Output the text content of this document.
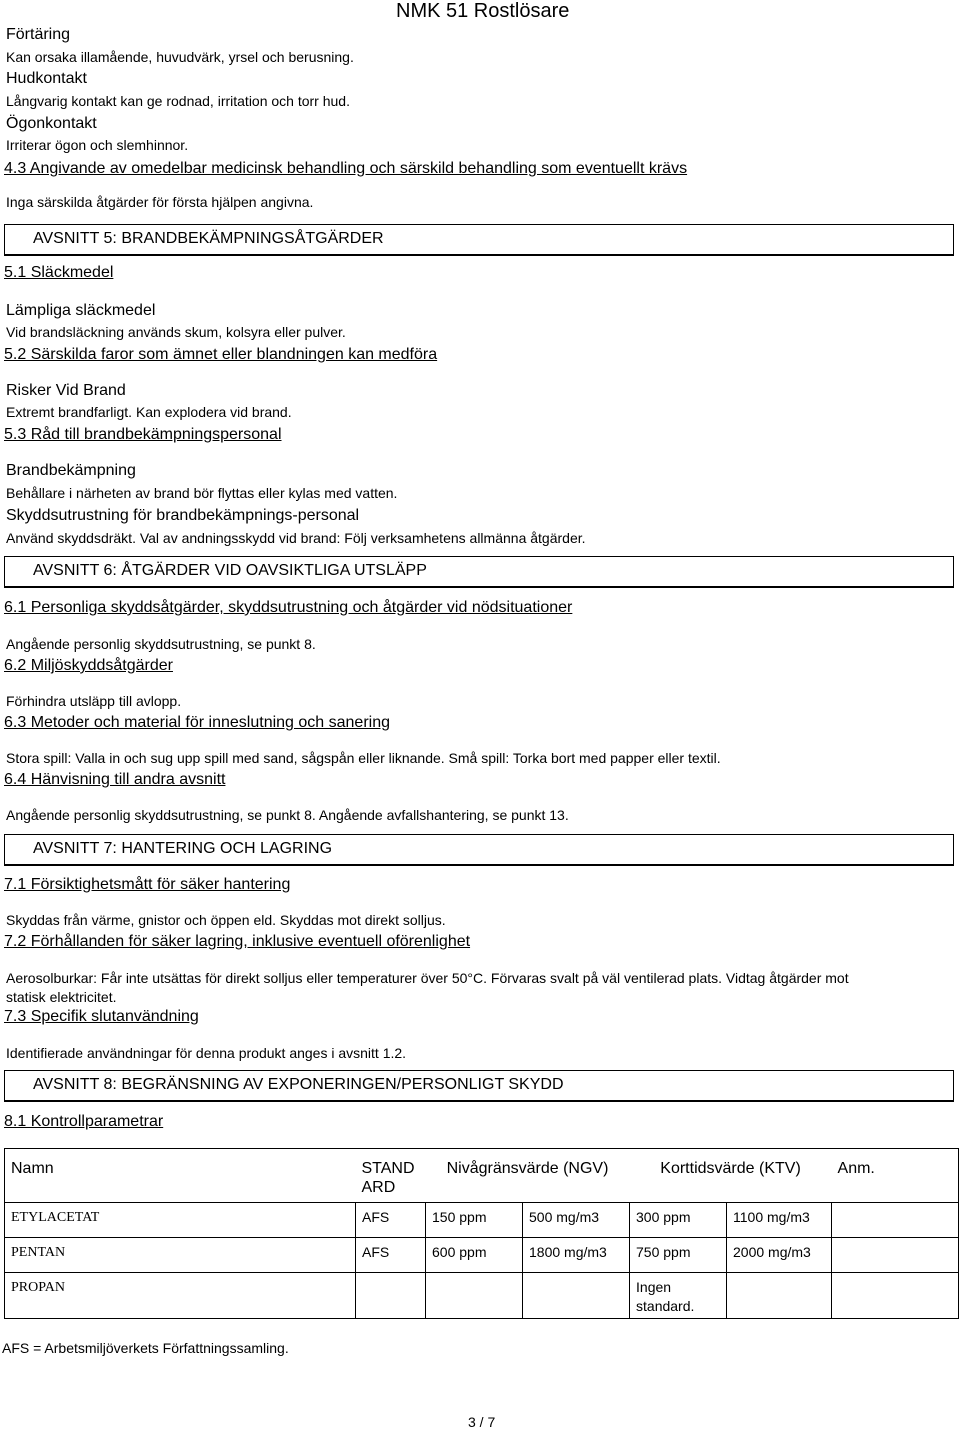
NMK 51 Rostlösare
Förtäring
Kan orsaka illamående, huvudvärk, yrsel och berusning.
Hudkontakt
Långvarig kontakt kan ge rodnad, irritation och torr hud.
Ögonkontakt
Irriterar ögon och slemhinnor.
4.3 Angivande av omedelbar medicinsk behandling och särskild behandling som eventuellt krävs
Inga särskilda åtgärder för första hjälpen angivna.
AVSNITT 5: BRANDBEKÄMPNINGSÅTGÄRDER
5.1 Släckmedel
Lämpliga släckmedel
Vid brandsläckning används skum, kolsyra eller pulver.
5.2 Särskilda faror som ämnet eller blandningen kan medföra
Risker Vid Brand
Extremt brandfarligt. Kan explodera vid brand.
5.3 Råd till brandbekämpningspersonal
Brandbekämpning
Behållare i närheten av brand bör flyttas eller kylas med vatten.
Skyddsutrustning för brandbekämpnings-personal
Använd skyddsdräkt. Val av andningsskydd vid brand: Följ verksamhetens allmänna åtgärder.
AVSNITT 6: ÅTGÄRDER VID OAVSIKTLIGA UTSLÄPP
6.1 Personliga skyddsåtgärder, skyddsutrustning och åtgärder vid nödsituationer
Angående personlig skyddsutrustning, se punkt 8.
6.2 Miljöskyddsåtgärder
Förhindra utsläpp till avlopp.
6.3 Metoder och material för inneslutning och sanering
Stora spill: Valla in och sug upp spill med sand, sågspån eller liknande. Små spill: Torka bort med papper eller textil.
6.4 Hänvisning till andra avsnitt
Angående personlig skyddsutrustning, se punkt 8. Angående avfallshantering, se punkt 13.
AVSNITT 7: HANTERING OCH LAGRING
7.1 Försiktighetsmått för säker hantering
Skyddas från värme, gnistor och öppen eld. Skyddas mot direkt solljus.
7.2 Förhållanden för säker lagring, inklusive eventuell oförenlighet
Aerosolburkar: Får inte utsättas för direkt solljus eller temperaturer över 50°C. Förvaras svalt på väl ventilerad plats. Vidtag åtgärder mot
statisk elektricitet.
7.3 Specifik slutanvändning
Identifierade användningar för denna produkt anges i avsnitt 1.2.
AVSNITT 8: BEGRÄNSNING AV EXPONERINGEN/PERSONLIGT SKYDD
8.1 Kontrollparametrar
Namn	STAND ARD	Nivågränsvärde (NGV)		Korttidsvärde (KTV)		Anm.
ETYLACETAT	AFS	150 ppm	500 mg/m3	300 ppm	1100 mg/m3	
PENTAN	AFS	600 ppm	1800 mg/m3	750 ppm	2000 mg/m3	
PROPAN				Ingen standard.		
AFS = Arbetsmiljöverkets Författningssamling.
3 / 7
